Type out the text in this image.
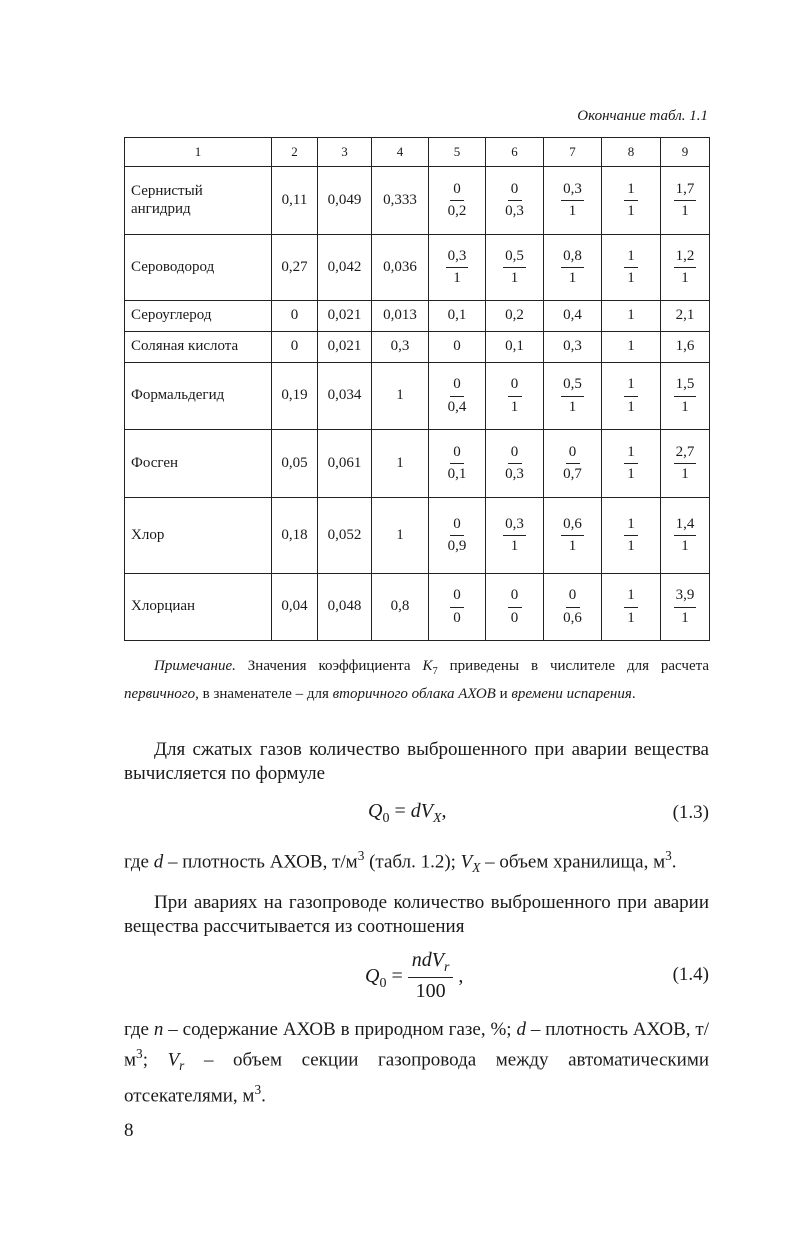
Окончание табл. 1.1
1	2	3	4	5	6	7	8	9
Сернистый
ангидрид	0,11	0,049	0,333	$\frac{0}{0,2}$	$\frac{0}{0,3}$	$\frac{0,3}{1}$	$\frac{1}{1}$	$\frac{1,7}{1}$

Сероводород	0,27	0,042	0,036	$\frac{0,3}{1}$	$\frac{0,5}{1}$	$\frac{0,8}{1}$	$\frac{1}{1}$	$\frac{1,2}{1}$

Сероуглерод	0	0,021	0,013	0,1	0,2	0,4	1	2,1
Соляная кислота	0	0,021	0,3	0	0,1	0,3	1	1,6
Формальдегид	0,19	0,034	1	$\frac{0}{0,4}$	$\frac{0}{1}$	$\frac{0,5}{1}$	$\frac{1}{1}$	$\frac{1,5}{1}$

Фосген	0,05	0,061	1	$\frac{0}{0,1}$	$\frac{0}{0,3}$	$\frac{0}{0,7}$	$\frac{1}{1}$	$\frac{2,7}{1}$

Хлор	0,18	0,052	1	$\frac{0}{0,9}$	$\frac{0,3}{1}$	$\frac{0,6}{1}$	$\frac{1}{1}$	$\frac{1,4}{1}$

Хлорциан	0,04	0,048	0,8	$\frac{0}{0}$	$\frac{0}{0}$	$\frac{0}{0,6}$	$\frac{1}{1}$	$\frac{3,9}{1}$
Примечание. Значения коэффициента $K_7$ приведены в числителе для расчета первичного, в знаменателе – для вторичного облака АХОВ и времени испарения.
Для сжатых газов количество выброшенного при аварии вещества вычисляется по формуле
$Q_0 = dV_X$,	(1.3)
где d – плотность АХОВ, $т/м^3$ (табл. 1.2); $V_X$ – объем хранилища, $м^3$.
При авариях на газопроводе количество выброшенного при аварии вещества рассчитывается из соотношения
$Q_0 = \frac{ndV_r}{100}$ ,	(1.4)
где n – содержание АХОВ в природном газе, %; d – плотность АХОВ, $т/м^3$; $V_r$ – объем секции газопровода между автоматическими отсекателями, $м^3$.
8
